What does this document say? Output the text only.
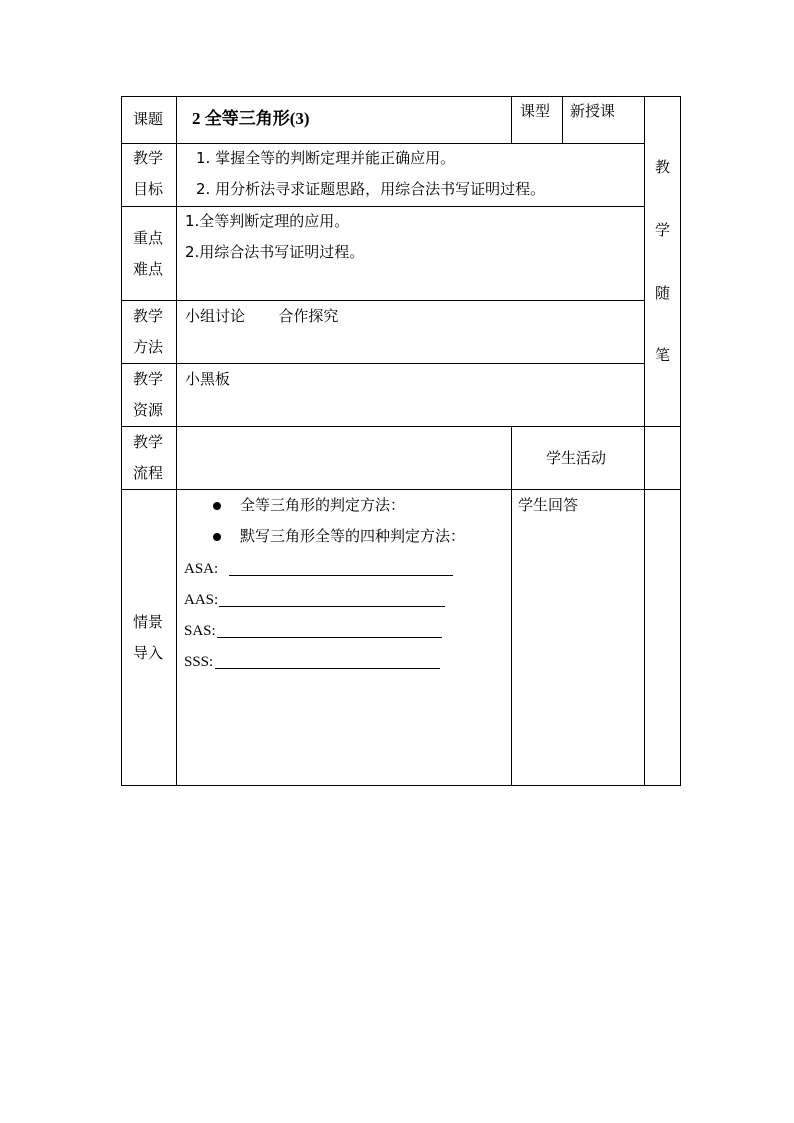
课题 2 全等三角形(3)	课型 新授课
教
学
随
笔
教学
目标
1. 掌握全等的判断定理并能正确应用。
2. 用分析法寻求证题思路，用综合法书写证明过程。
重点
难点
1.全等判断定理的应用。
2.用综合法书写证明过程。
教学
方法
小组讨论       合作探究
教学
资源
小黑板
教学
流程
学生活动
情景
导入
全等三角形的判定方法：
默写三角形全等的四种判定方法：
ASA:
AAS:
SAS:
SSS:
学生回答
